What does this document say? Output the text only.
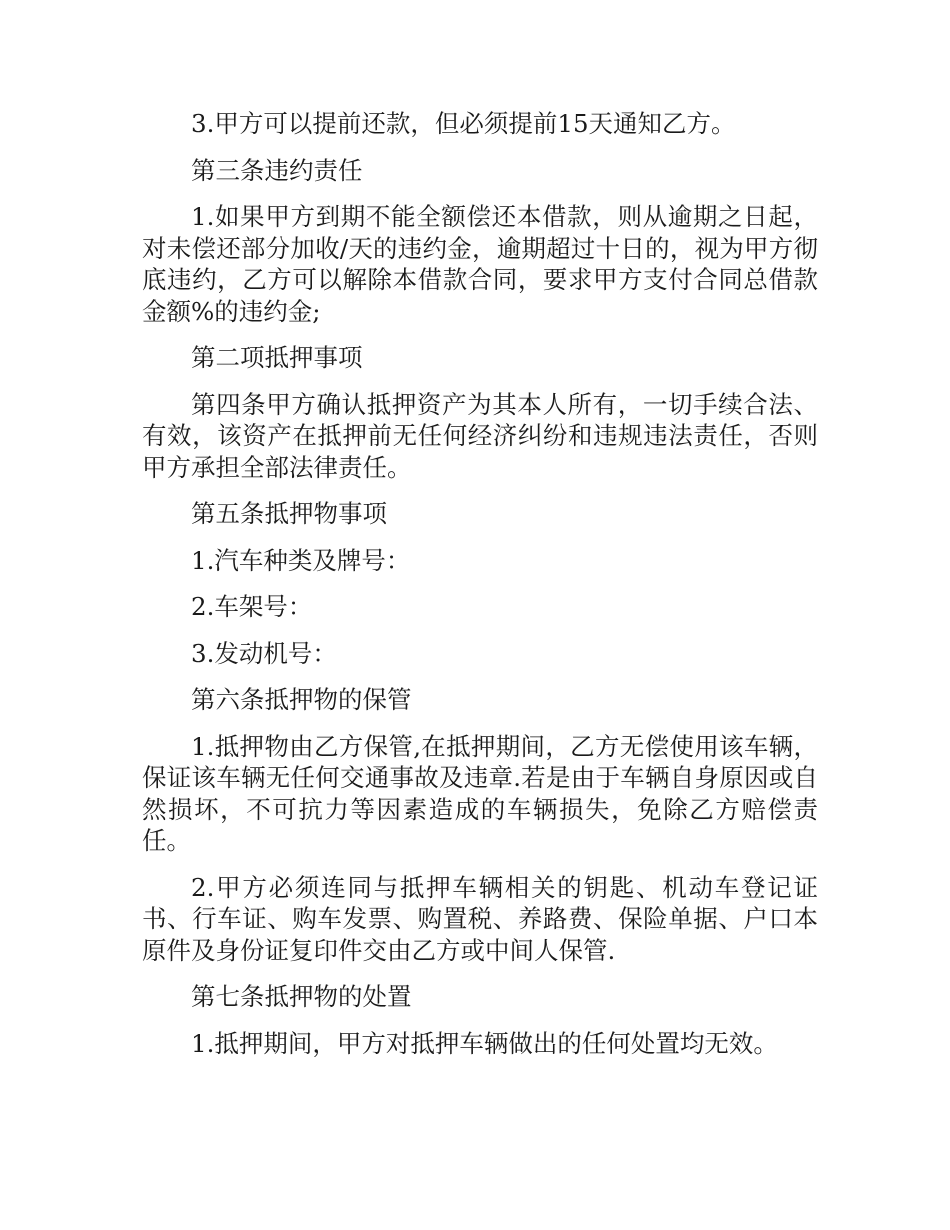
3.甲方可以提前还款，但必须提前15天通知乙方。

第三条违约责任

1.如果甲方到期不能全额偿还本借款，则从逾期之日起，对未偿还部分加收/天的违约金，逾期超过十日的，视为甲方彻底违约，乙方可以解除本借款合同，要求甲方支付合同总借款金额%的违约金;

第二项抵押事项

第四条甲方确认抵押资产为其本人所有，一切手续合法、有效，该资产在抵押前无任何经济纠纷和违规违法责任，否则甲方承担全部法律责任。

第五条抵押物事项

1.汽车种类及牌号：

2.车架号：

3.发动机号：

第六条抵押物的保管

1.抵押物由乙方保管,在抵押期间，乙方无偿使用该车辆，保证该车辆无任何交通事故及违章.若是由于车辆自身原因或自然损坏，不可抗力等因素造成的车辆损失，免除乙方赔偿责任。

2.甲方必须连同与抵押车辆相关的钥匙、机动车登记证书、行车证、购车发票、购置税、养路费、保险单据、户口本原件及身份证复印件交由乙方或中间人保管.

第七条抵押物的处置

1.抵押期间，甲方对抵押车辆做出的任何处置均无效。
